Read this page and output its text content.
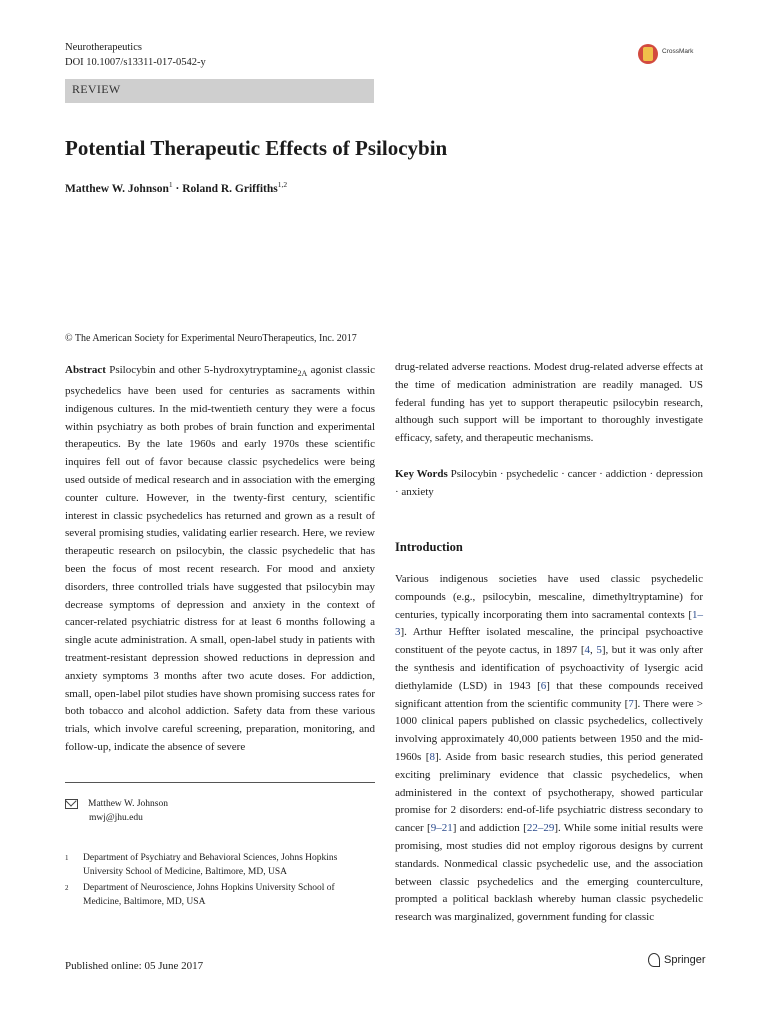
Neurotherapeutics
DOI 10.1007/s13311-017-0542-y
CrossMark
REVIEW
Potential Therapeutic Effects of Psilocybin
Matthew W. Johnson$^1$ · Roland R. Griffiths$^{1,2}$
© The American Society for Experimental NeuroTherapeutics, Inc. 2017
Abstract Psilocybin and other 5-hydroxytryptamine$_{2A}$ agonist classic psychedelics have been used for centuries as sacraments within indigenous cultures. In the mid-twentieth century they were a focus within psychiatry as both probes of brain function and experimental therapeutics. By the late 1960s and early 1970s these scientific inquires fell out of favor because classic psychedelics were being used outside of medical research and in association with the emerging counter culture. However, in the twenty-first century, scientific interest in classic psychedelics has returned and grown as a result of several promising studies, validating earlier research. Here, we review therapeutic research on psilocybin, the classic psychedelic that has been the focus of most recent research. For mood and anxiety disorders, three controlled trials have suggested that psilocybin may decrease symptoms of depression and anxiety in the context of cancer-related psychiatric distress for at least 6 months following a single acute administration. A small, open-label study in patients with treatment-resistant depression showed reductions in depression and anxiety symptoms 3 months after two acute doses. For addiction, small, open-label pilot studies have shown promising success rates for both tobacco and alcohol addiction. Safety data from these various trials, which involve careful screening, preparation, monitoring, and follow-up, indicate the absence of severe
drug-related adverse reactions. Modest drug-related adverse effects at the time of medication administration are readily managed. US federal funding has yet to support therapeutic psilocybin research, although such support will be important to thoroughly investigate efficacy, safety, and therapeutic mechanisms.
Key Words Psilocybin · psychedelic · cancer · addiction · depression · anxiety
Introduction
Various indigenous societies have used classic psychedelic compounds (e.g., psilocybin, mescaline, dimethyltryptamine) for centuries, typically incorporating them into sacramental contexts [1–3]. Arthur Heffter isolated mescaline, the principal psychoactive constituent of the peyote cactus, in 1897 [4, 5], but it was only after the synthesis and identification of psychoactivity of lysergic acid diethylamide (LSD) in 1943 [6] that these compounds received significant attention from the scientific community [7]. There were > 1000 clinical papers published on classic psychedelics, collectively involving approximately 40,000 patients between 1950 and the mid-1960s [8]. Aside from basic research studies, this period generated exciting preliminary evidence that classic psychedelics, when administered in the context of psychotherapy, showed particular promise for 2 disorders: end-of-life psychiatric distress secondary to cancer [9–21] and addiction [22–29]. While some initial results were promising, most studies did not employ rigorous designs by current standards. Nonmedical classic psychedelic use, and the association between classic psychedelics and the emerging counterculture, prompted a political backlash whereby human classic psychedelic research was marginalized, government funding for classic
Matthew W. Johnson
mwj@jhu.edu
1	Department of Psychiatry and Behavioral Sciences, Johns Hopkins University School of Medicine, Baltimore, MD, USA
2	Department of Neuroscience, Johns Hopkins University School of Medicine, Baltimore, MD, USA
Published online: 05 June 2017
Springer
